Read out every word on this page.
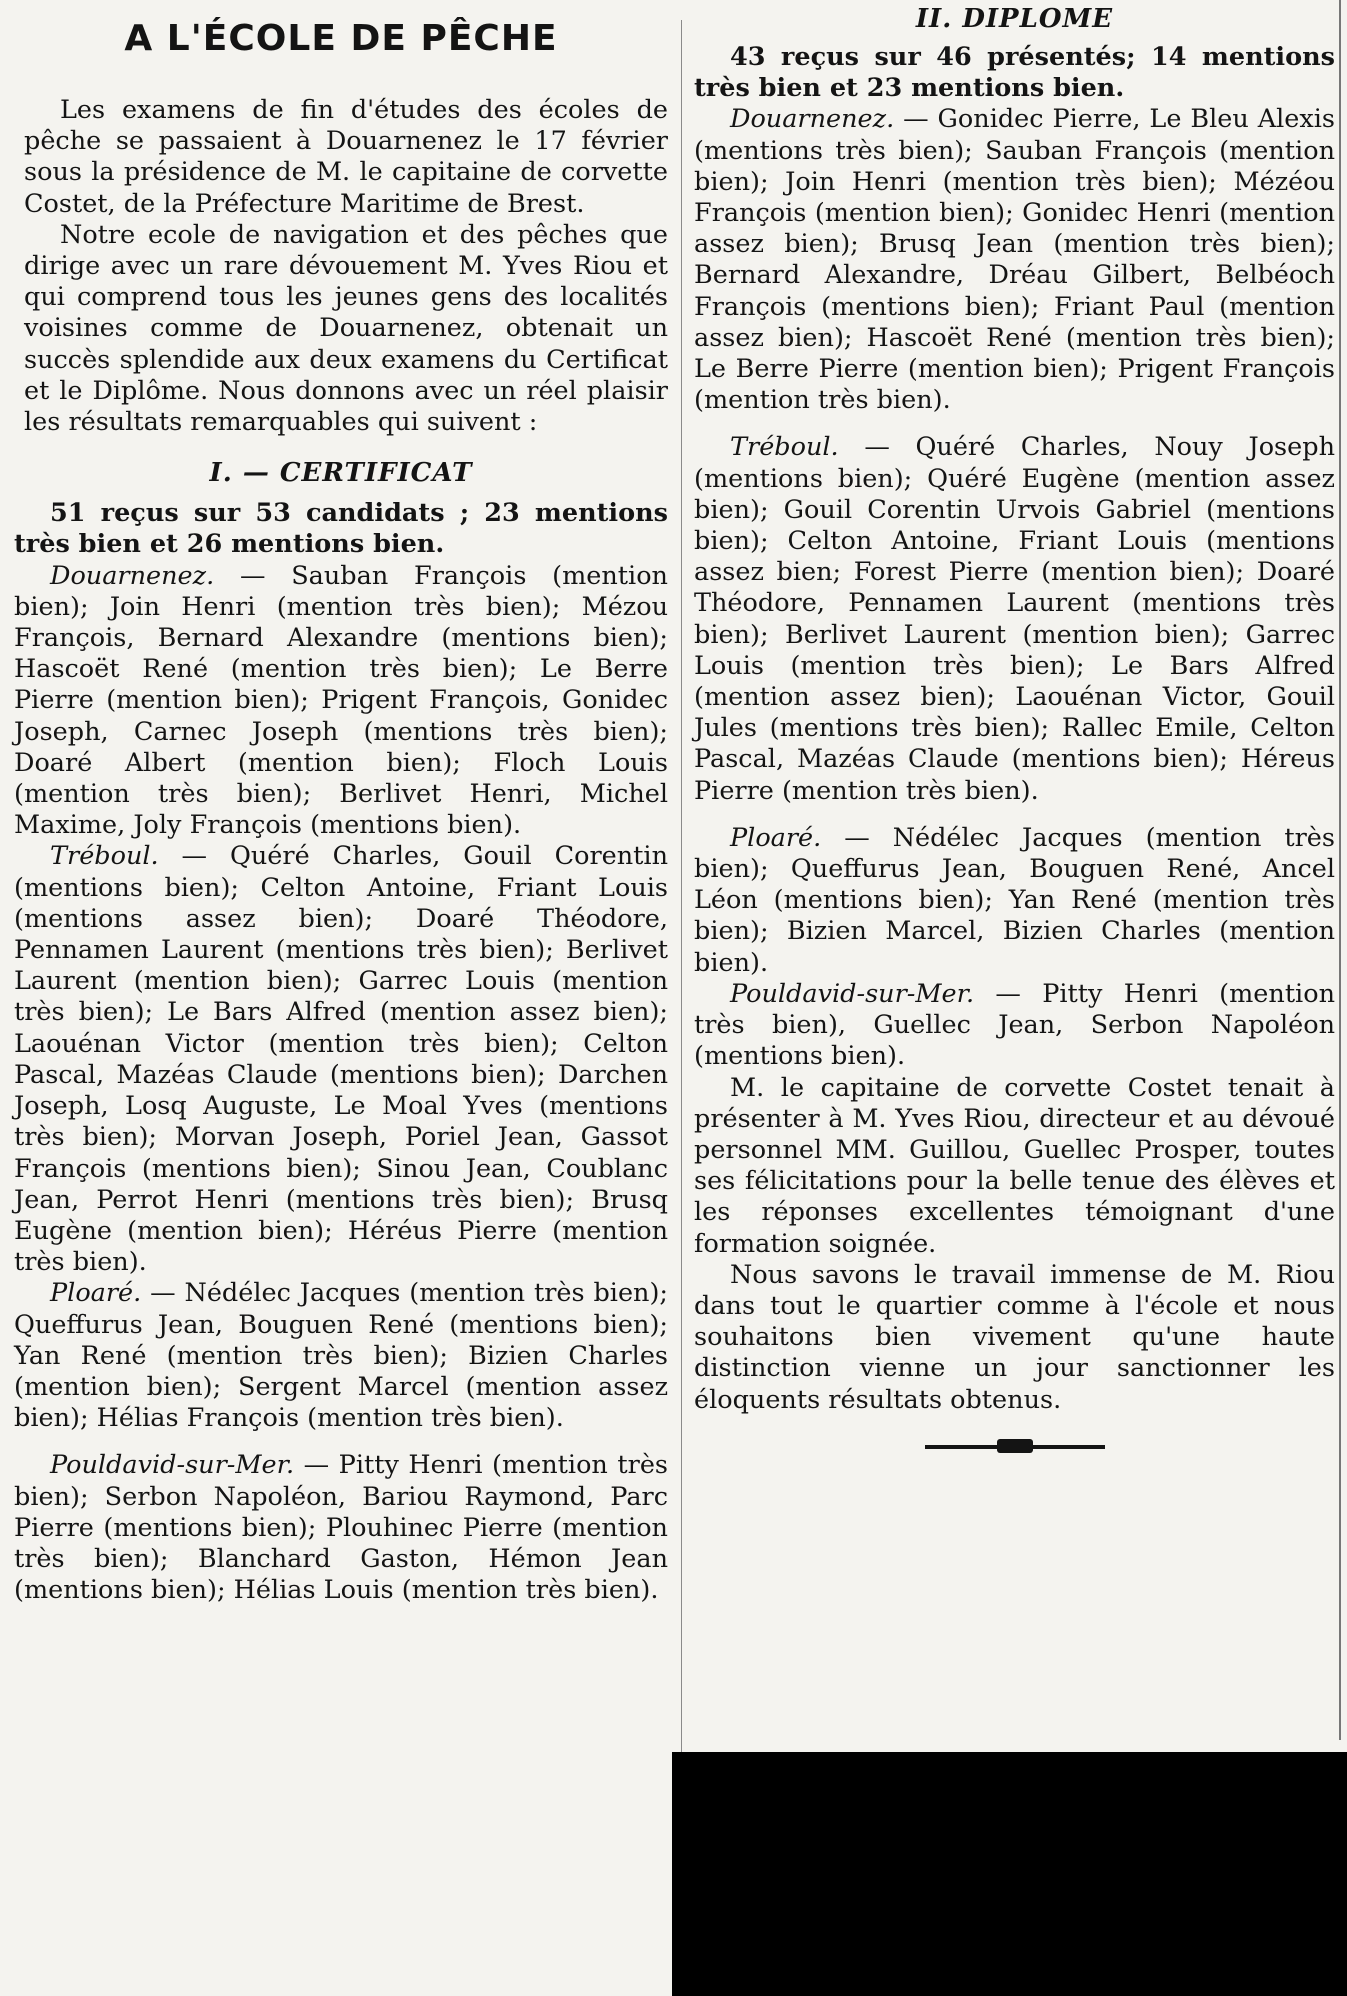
A L'ÉCOLE DE PÊCHE

Les examens de fin d'études des écoles de pêche se passaient à Douarnenez le 17 février sous la présidence de M. le capitaine de corvette Costet, de la Préfecture Maritime de Brest.

Notre ecole de navigation et des pêches que dirige avec un rare dévouement M. Yves Riou et qui comprend tous les jeunes gens des localités voisines comme de Douarnenez, obtenait un succès splendide aux deux examens du Certificat et le Diplôme. Nous donnons avec un réel plaisir les résultats remarquables qui suivent :

I. — CERTIFICAT

51 reçus sur 53 candidats ; 23 mentions très bien et 26 mentions bien.

Douarnenez. — Sauban François (mention bien); Join Henri (mention très bien); Mézou François, Bernard Alexandre (mentions bien); Hascoët René (mention très bien); Le Berre Pierre (mention bien); Prigent François, Gonidec Joseph, Carnec Joseph (mentions très bien); Doaré Albert (mention bien); Floch Louis (mention très bien); Berlivet Henri, Michel Maxime, Joly François (mentions bien).

Tréboul. — Quéré Charles, Gouil Corentin (mentions bien); Celton Antoine, Friant Louis (mentions assez bien); Doaré Théodore, Pennamen Laurent (mentions très bien); Berlivet Laurent (mention bien); Garrec Louis (mention très bien); Le Bars Alfred (mention assez bien); Laouénan Victor (mention très bien); Celton Pascal, Mazéas Claude (mentions bien); Darchen Joseph, Losq Auguste, Le Moal Yves (mentions très bien); Morvan Joseph, Poriel Jean, Gassot François (mentions bien); Sinou Jean, Coublanc Jean, Perrot Henri (mentions très bien); Brusq Eugène (mention bien); Héréus Pierre (mention très bien).

Ploaré. — Nédélec Jacques (mention très bien); Queffurus Jean, Bouguen René (mentions bien); Yan René (mention très bien); Bizien Charles (mention bien); Sergent Marcel (mention assez bien); Hélias François (mention très bien).

Pouldavid-sur-Mer. — Pitty Henri (mention très bien); Serbon Napoléon, Bariou Raymond, Parc Pierre (mentions bien); Plouhinec Pierre (mention très bien); Blanchard Gaston, Hémon Jean (mentions bien); Hélias Louis (mention très bien).

II. DIPLOME

43 reçus sur 46 présentés; 14 mentions très bien et 23 mentions bien.

Douarnenez. — Gonidec Pierre, Le Bleu Alexis (mentions très bien); Sauban François (mention bien); Join Henri (mention très bien); Mézéou François (mention bien); Gonidec Henri (mention assez bien); Brusq Jean (mention très bien); Bernard Alexandre, Dréau Gilbert, Belbéoch François (mentions bien); Friant Paul (mention assez bien); Hascoët René (mention très bien); Le Berre Pierre (mention bien); Prigent François (mention très bien).

Tréboul. — Quéré Charles, Nouy Joseph (mentions bien); Quéré Eugène (mention assez bien); Gouil Corentin Urvois Gabriel (mentions bien); Celton Antoine, Friant Louis (mentions assez bien; Forest Pierre (mention bien); Doaré Théodore, Pennamen Laurent (mentions très bien); Berlivet Laurent (mention bien); Garrec Louis (mention très bien); Le Bars Alfred (mention assez bien); Laouénan Victor, Gouil Jules (mentions très bien); Rallec Emile, Celton Pascal, Mazéas Claude (mentions bien); Héreus Pierre (mention très bien).

Ploaré. — Nédélec Jacques (mention très bien); Queffurus Jean, Bouguen René, Ancel Léon (mentions bien); Yan René (mention très bien); Bizien Marcel, Bizien Charles (mention bien).

Pouldavid-sur-Mer. — Pitty Henri (mention très bien), Guellec Jean, Serbon Napoléon (mentions bien).

M. le capitaine de corvette Costet tenait à présenter à M. Yves Riou, directeur et au dévoué personnel MM. Guillou, Guellec Prosper, toutes ses félicitations pour la belle tenue des élèves et les réponses excellentes témoignant d'une formation soignée.

Nous savons le travail immense de M. Riou dans tout le quartier comme à l'école et nous souhaitons bien vivement qu'une haute distinction vienne un jour sanctionner les éloquents résultats obtenus.
